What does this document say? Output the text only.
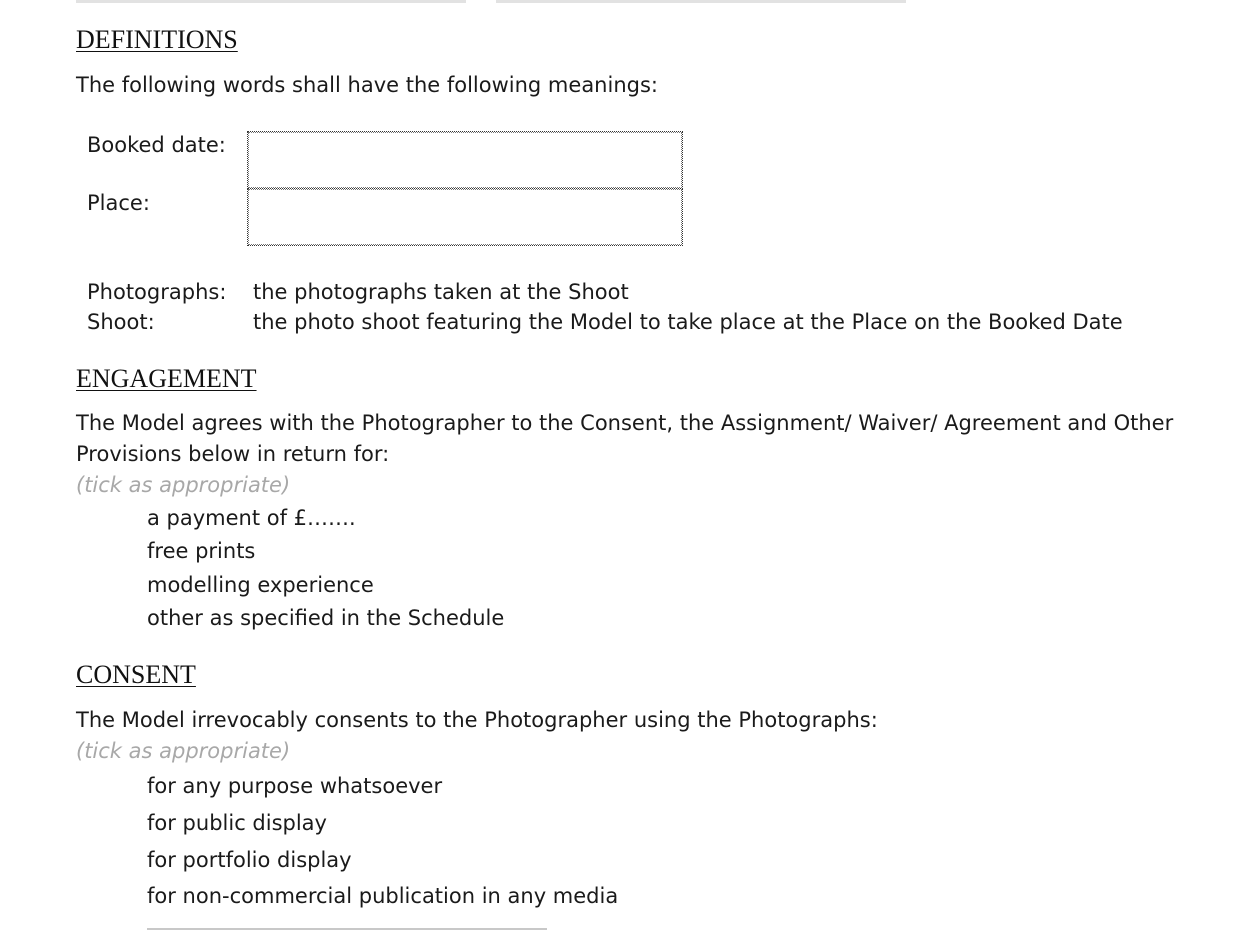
DEFINITIONS
The following words shall have the following meanings:
Booked date:
Place:
Photographs: the photographs taken at the Shoot
Shoot:	the photo shoot featuring the Model to take place at the Place on the Booked Date
ENGAGEMENT
The Model agrees with the Photographer to the Consent, the Assignment/ Waiver/ Agreement and Other
Provisions below in return for:
(tick as appropriate)
a payment of £…….
free prints
modelling experience
other as specified in the Schedule
CONSENT
The Model irrevocably consents to the Photographer using the Photographs:
(tick as appropriate)
for any purpose whatsoever
for public display
for portfolio display
for non-commercial publication in any media
